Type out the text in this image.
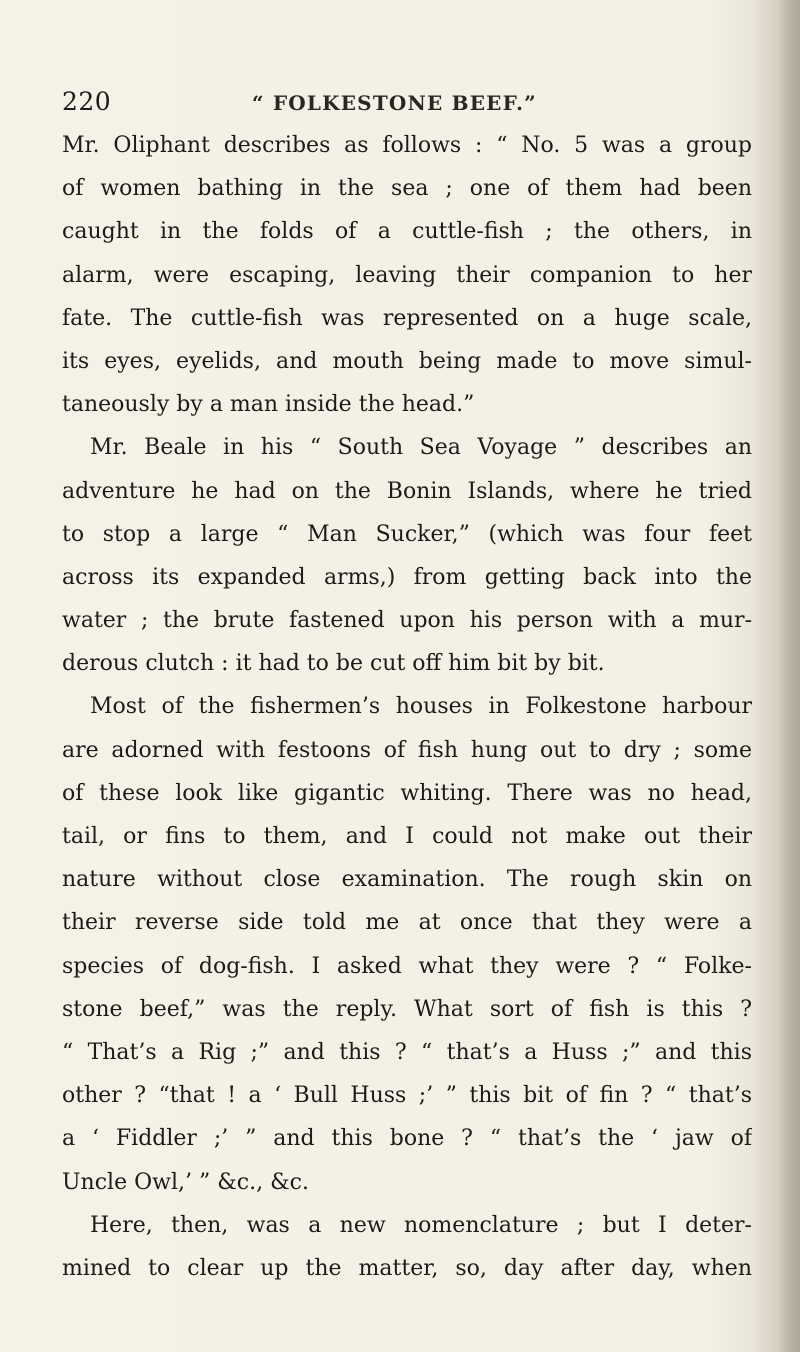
220	“ FOLKESTONE BEEF.”
Mr. Oliphant describes as follows : “ No. 5 was a group
of women bathing in the sea ; one of them had been
caught in the folds of a cuttle-fish ; the others, in
alarm, were escaping, leaving their companion to her
fate. The cuttle-fish was represented on a huge scale,
its eyes, eyelids, and mouth being made to move simul-
taneously by a man inside the head.”
Mr. Beale in his “ South Sea Voyage ” describes an
adventure he had on the Bonin Islands, where he tried
to stop a large “ Man Sucker,” (which was four feet
across its expanded arms,) from getting back into the
water ; the brute fastened upon his person with a mur-
derous clutch : it had to be cut off him bit by bit.
Most of the fishermen’s houses in Folkestone harbour
are adorned with festoons of fish hung out to dry ; some
of these look like gigantic whiting. There was no head,
tail, or fins to them, and I could not make out their
nature without close examination. The rough skin on
their reverse side told me at once that they were a
species of dog-fish. I asked what they were ? “ Folke-
stone beef,” was the reply. What sort of fish is this ?
“ That’s a Rig ;” and this ? “ that’s a Huss ;” and this
other ? “that ! a ‘ Bull Huss ;’ ” this bit of fin ? “ that’s
a ‘ Fiddler ;’ ” and this bone ? “ that’s the ‘ jaw of
Uncle Owl,’ ” &c., &c.
Here, then, was a new nomenclature ; but I deter-
mined to clear up the matter, so, day after day, when
